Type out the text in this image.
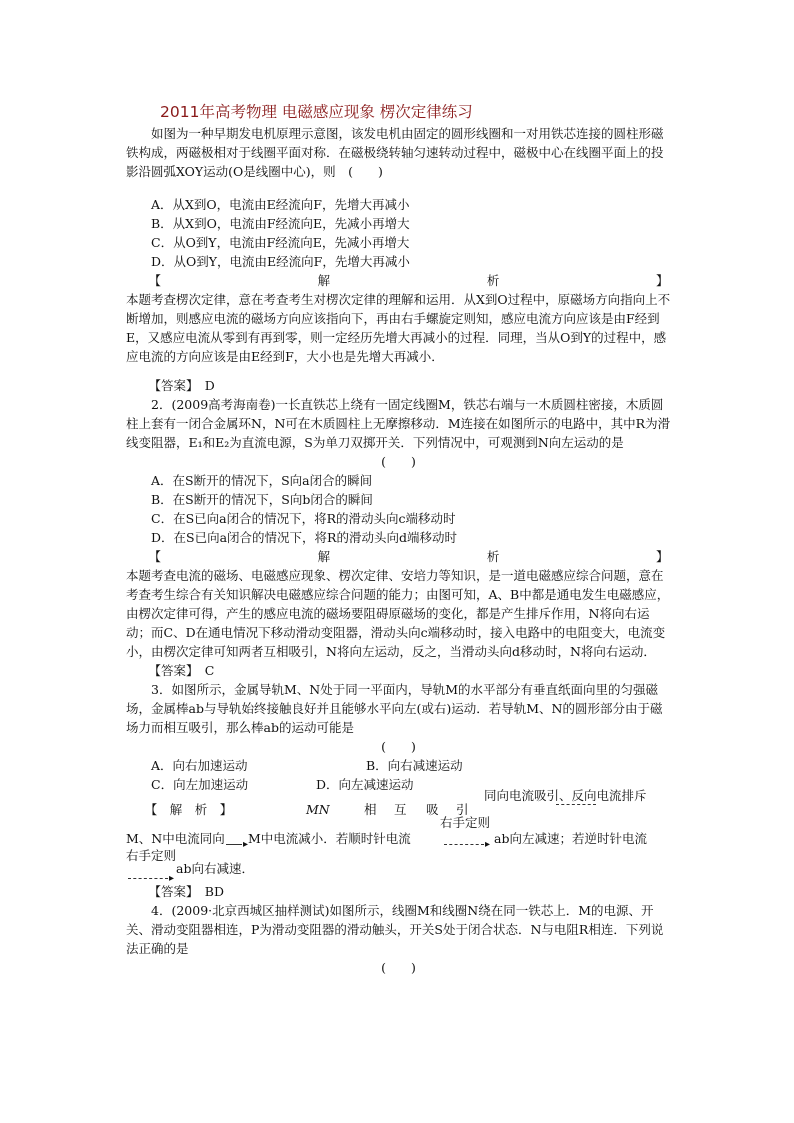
2011年高考物理 电磁感应现象 楞次定律练习

如图为一种早期发电机原理示意图，该发电机由固定的圆形线圈和一对用铁芯连接的圆柱形磁铁构成，两磁极相对于线圈平面对称．在磁极绕转轴匀速转动过程中，磁极中心在线圈平面上的投影沿圆弧XOY运动(O是线圈中心)，则　(　　)

A．从X到O，电流由E经流向F，先增大再减小

B．从X到O，电流由F经流向E，先减小再增大

C．从O到Y，电流由F经流向E，先减小再增大

D．从O到Y，电流由E经流向F，先增大再减小

【	解	析	】

本题考查楞次定律，意在考查考生对楞次定律的理解和运用．从X到O过程中，原磁场方向指向上不断增加，则感应电流的磁场方向应该指向下，再由右手螺旋定则知，感应电流方向应该是由F经到E，又感应电流从零到有再到零，则一定经历先增大再减小的过程．同理，当从O到Y的过程中，感应电流的方向应该是由E经到F，大小也是先增大再减小．

【答案】　 D

2．(2009高考海南卷)一长直铁芯上绕有一固定线圈M，铁芯右端与一木质圆柱密接，木质圆柱上套有一闭合金属环N，N可在木质圆柱上无摩擦移动．M连接在如图所示的电路中，其中R为滑线变阻器，E₁和E₂为直流电源，S为单刀双掷开关．下列情况中，可观测到N向左运动的是

(　　)

A．在S断开的情况下，S向a闭合的瞬间

B．在S断开的情况下，S向b闭合的瞬间

C．在S已向a闭合的情况下，将R的滑动头向c端移动时

D．在S已向a闭合的情况下，将R的滑动头向d端移动时

【	解	析	】

本题考查电流的磁场、电磁感应现象、楞次定律、安培力等知识，是一道电磁感应综合问题，意在考查考生综合有关知识解决电磁感应综合问题的能力；由图可知，A、B中都是通电发生电磁感应，由楞次定律可得，产生的感应电流的磁场要阻碍原磁场的变化，都是产生排斥作用，N将向右运动；而C、D在通电情况下移动滑动变阻器，滑动头向c端移动时，接入电路中的电阻变大，电流变小，由楞次定律可知两者互相吸引，N将向左运动，反之，当滑动头向d移动时，N将向右运动．

【答案】　 C

3．如图所示，金属导轨M、N处于同一平面内，导轨M的水平部分有垂直纸面向里的匀强磁场，金属棒ab与导轨始终接触良好并且能够水平向左(或右)运动．若导轨M、N的圆形部分由于磁场力而相互吸引，那么棒ab的运动可能是

(　　)

A．向右加速运动	B．向右减速运动
C．向左加速运动	D．向左减速运动
【　解　析　】	MN	相 互 吸 引
同向电流吸引、反向电流排斥
M、N中电流同向
▸ M中电流减小．若顺时针电流
右手定则
▸
ab向左减速；若逆时针电流
右手定则
▸
ab向右减速．

【答案】　 BD

4．(2009·北京西城区抽样测试)如图所示，线圈M和线圈N绕在同一铁芯上．M的电源、开关、滑动变阻器相连，P为滑动变阻器的滑动触头，开关S处于闭合状态．N与电阻R相连．下列说法正确的是

(　　)
